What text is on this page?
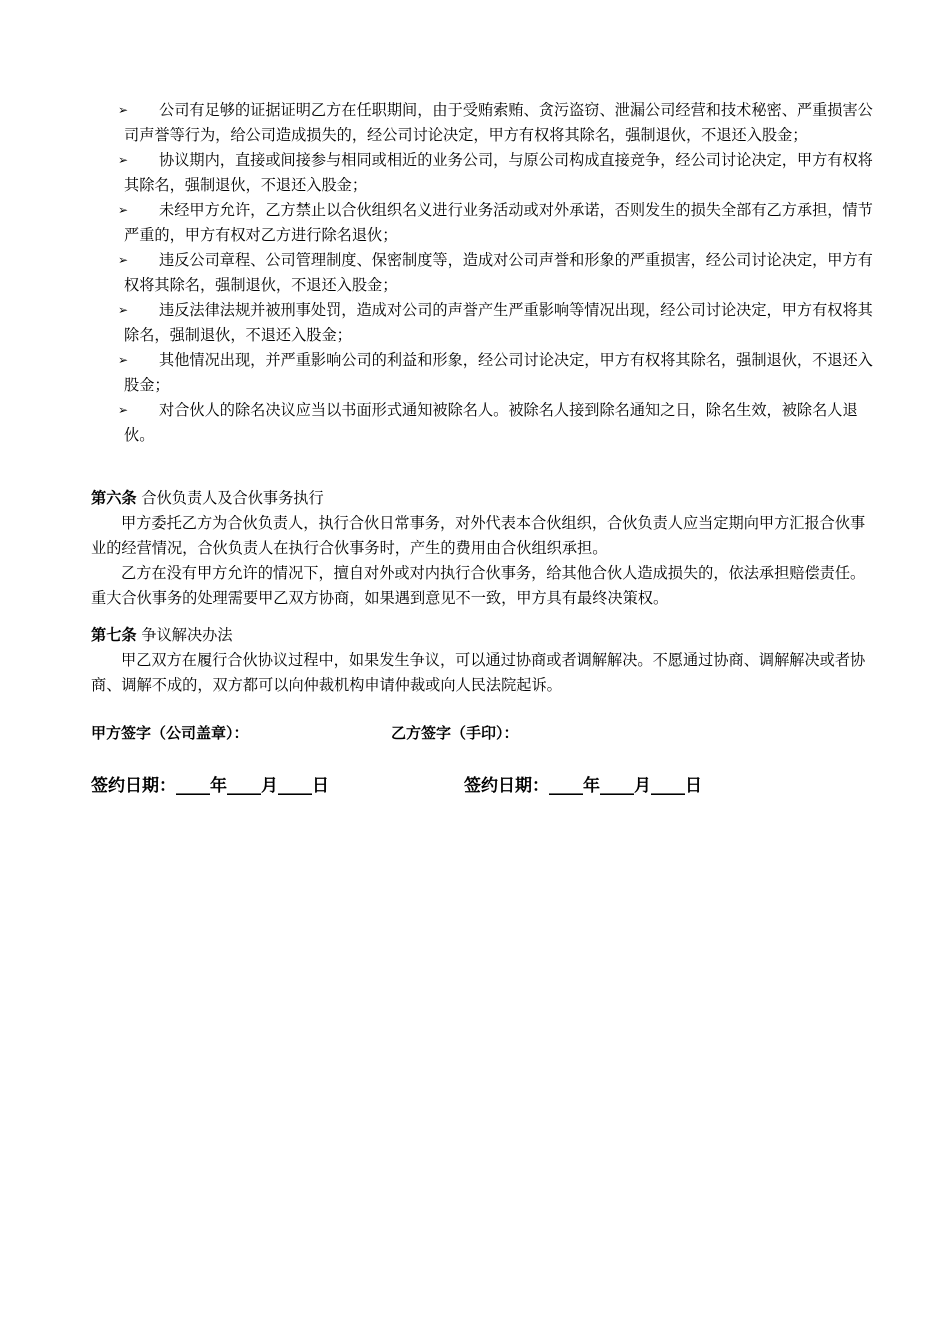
➢	公司有足够的证据证明乙方在任职期间，由于受贿索贿、贪污盗窃、泄漏公司经营和技术秘密、严重损害公司声誉等行为，给公司造成损失的，经公司讨论决定，甲方有权将其除名，强制退伙，不退还入股金；
➢	协议期内，直接或间接参与相同或相近的业务公司，与原公司构成直接竞争，经公司讨论决定，甲方有权将其除名，强制退伙，不退还入股金；
➢	未经甲方允许，乙方禁止以合伙组织名义进行业务活动或对外承诺，否则发生的损失全部有乙方承担，情节严重的，甲方有权对乙方进行除名退伙；
➢	违反公司章程、公司管理制度、保密制度等，造成对公司声誉和形象的严重损害，经公司讨论决定，甲方有权将其除名，强制退伙，不退还入股金；
➢	违反法律法规并被刑事处罚，造成对公司的声誉产生严重影响等情况出现，经公司讨论决定，甲方有权将其除名，强制退伙，不退还入股金；
➢	其他情况出现，并严重影响公司的利益和形象，经公司讨论决定，甲方有权将其除名，强制退伙，不退还入股金；
➢	对合伙人的除名决议应当以书面形式通知被除名人。被除名人接到除名通知之日，除名生效，被除名人退伙。

第六条 合伙负责人及合伙事务执行

甲方委托乙方为合伙负责人，执行合伙日常事务，对外代表本合伙组织，合伙负责人应当定期向甲方汇报合伙事业的经营情况，合伙负责人在执行合伙事务时，产生的费用由合伙组织承担。

乙方在没有甲方允许的情况下，擅自对外或对内执行合伙事务，给其他合伙人造成损失的，依法承担赔偿责任。重大合伙事务的处理需要甲乙双方协商，如果遇到意见不一致，甲方具有最终决策权。

第七条 争议解决办法

甲乙双方在履行合伙协议过程中，如果发生争议，可以通过协商或者调解解决。不愿通过协商、调解解决或者协商、调解不成的，双方都可以向仲裁机构申请仲裁或向人民法院起诉。

甲方签字（公司盖章）：	乙方签字（手印）：
签约日期：____年____月____日	签约日期：____年____月____日
